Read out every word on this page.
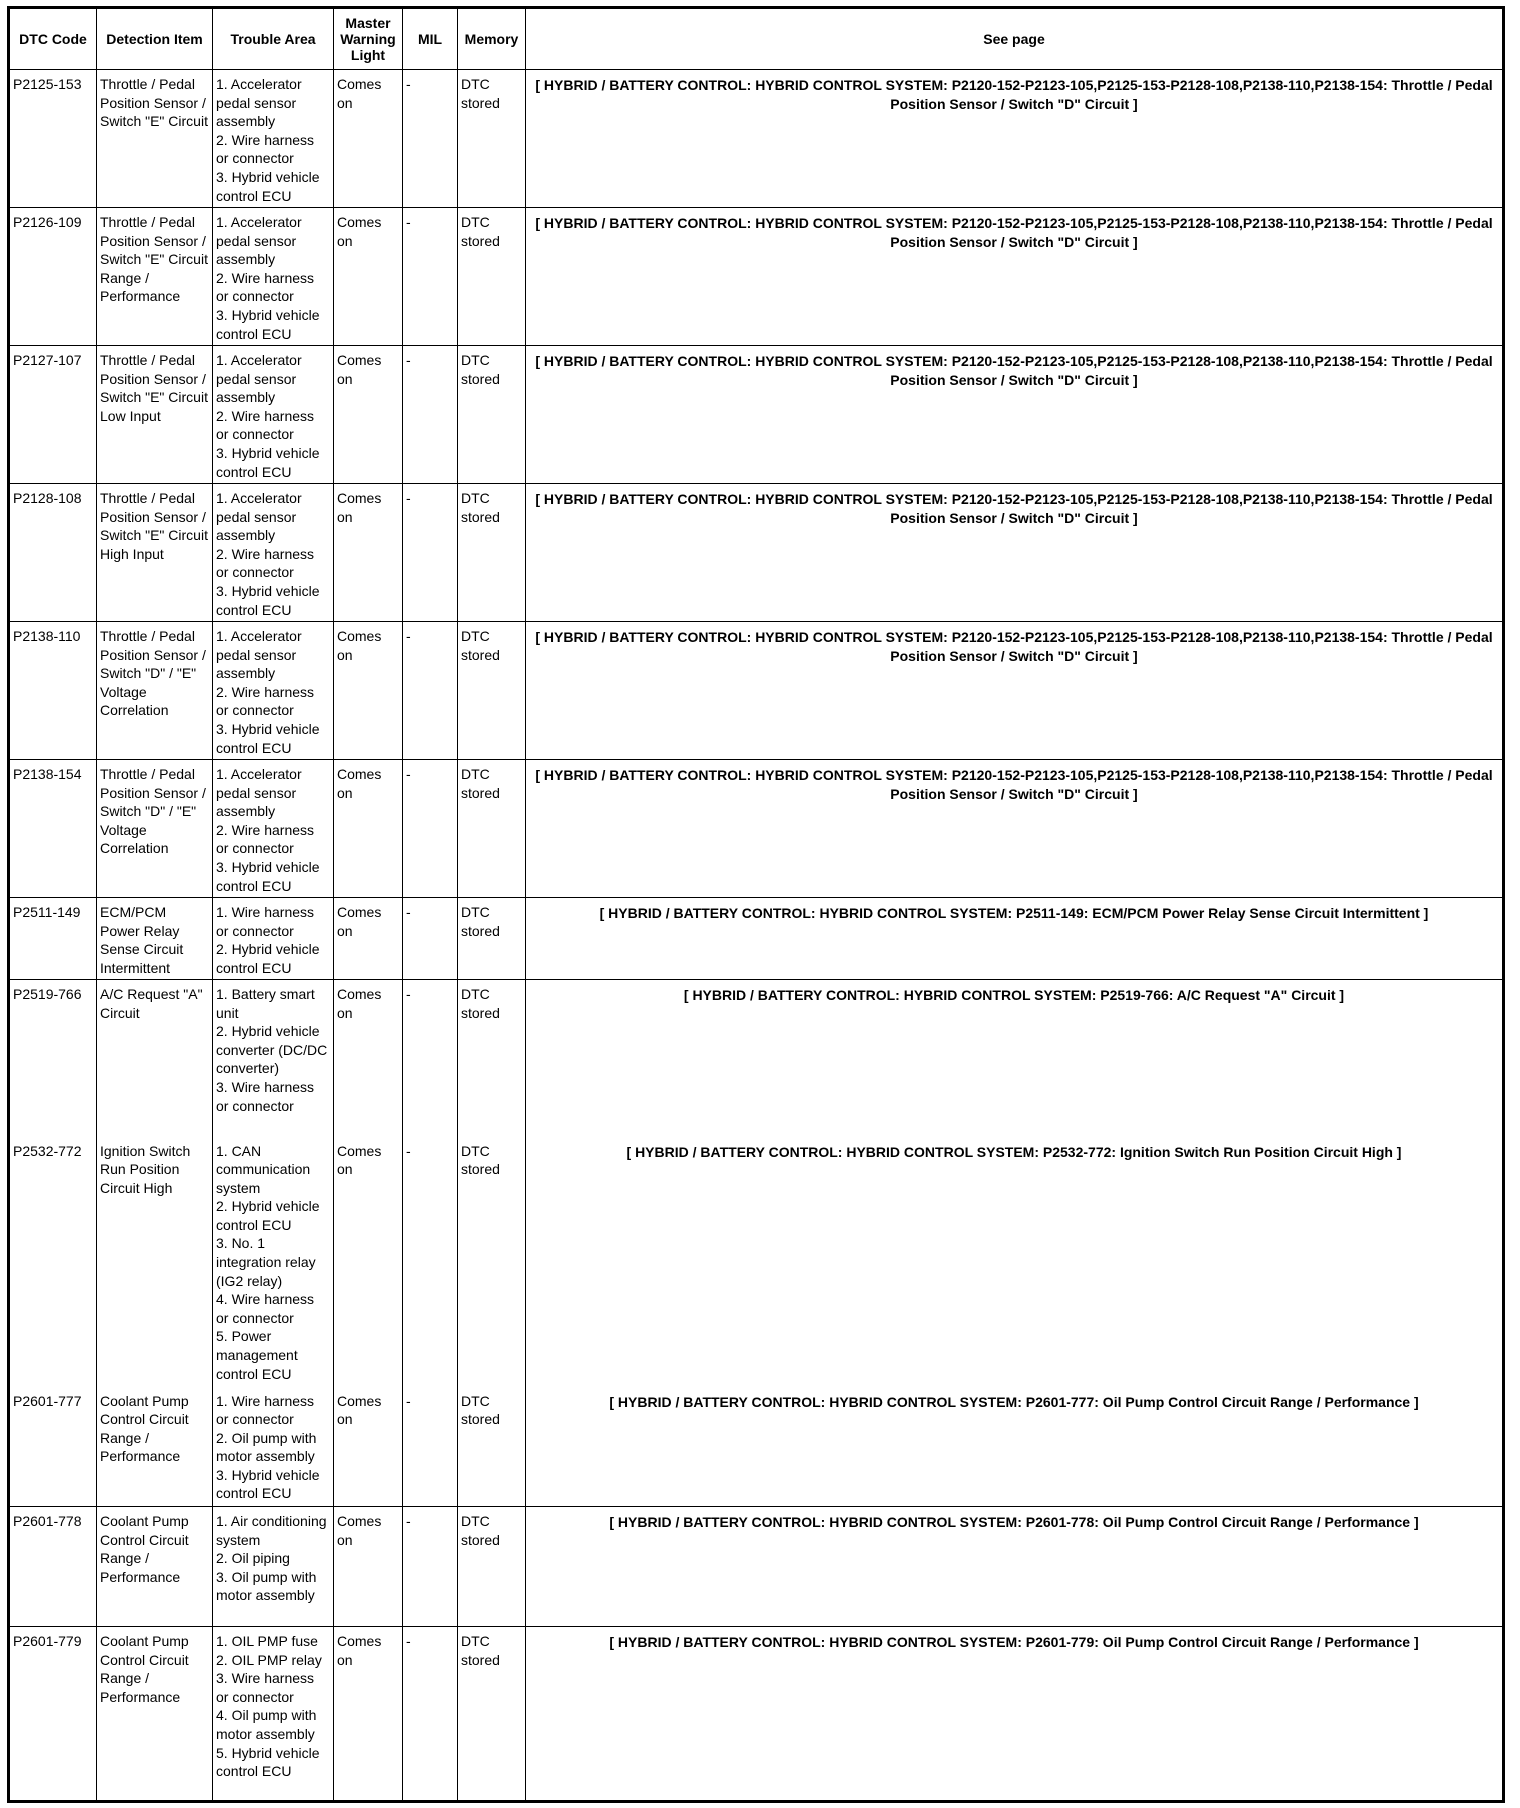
DTC Code	Detection Item	Trouble Area	Master Warning Light	MIL	Memory	See page
P2125-153	Throttle / Pedal Position Sensor / Switch "E" Circuit	1. Accelerator pedal sensor assembly
2. Wire harness or connector
3. Hybrid vehicle control ECU	Comes on	-	DTC stored	[ HYBRID / BATTERY CONTROL: HYBRID CONTROL SYSTEM: P2120-152-P2123-105,P2125-153-P2128-108,P2138-110,P2138-154: Throttle / Pedal Position Sensor / Switch "D" Circuit ]
P2126-109	Throttle / Pedal Position Sensor / Switch "E" Circuit Range / Performance	1. Accelerator pedal sensor assembly
2. Wire harness or connector
3. Hybrid vehicle control ECU	Comes on	-	DTC stored	[ HYBRID / BATTERY CONTROL: HYBRID CONTROL SYSTEM: P2120-152-P2123-105,P2125-153-P2128-108,P2138-110,P2138-154: Throttle / Pedal Position Sensor / Switch "D" Circuit ]
P2127-107	Throttle / Pedal Position Sensor / Switch "E" Circuit Low Input	1. Accelerator pedal sensor assembly
2. Wire harness or connector
3. Hybrid vehicle control ECU	Comes on	-	DTC stored	[ HYBRID / BATTERY CONTROL: HYBRID CONTROL SYSTEM: P2120-152-P2123-105,P2125-153-P2128-108,P2138-110,P2138-154: Throttle / Pedal Position Sensor / Switch "D" Circuit ]
P2128-108	Throttle / Pedal Position Sensor / Switch "E" Circuit High Input	1. Accelerator pedal sensor assembly
2. Wire harness or connector
3. Hybrid vehicle control ECU	Comes on	-	DTC stored	[ HYBRID / BATTERY CONTROL: HYBRID CONTROL SYSTEM: P2120-152-P2123-105,P2125-153-P2128-108,P2138-110,P2138-154: Throttle / Pedal Position Sensor / Switch "D" Circuit ]
P2138-110	Throttle / Pedal Position Sensor / Switch "D" / "E" Voltage Correlation	1. Accelerator pedal sensor assembly
2. Wire harness or connector
3. Hybrid vehicle control ECU	Comes on	-	DTC stored	[ HYBRID / BATTERY CONTROL: HYBRID CONTROL SYSTEM: P2120-152-P2123-105,P2125-153-P2128-108,P2138-110,P2138-154: Throttle / Pedal Position Sensor / Switch "D" Circuit ]
P2138-154	Throttle / Pedal Position Sensor / Switch "D" / "E" Voltage Correlation	1. Accelerator pedal sensor assembly
2. Wire harness or connector
3. Hybrid vehicle control ECU	Comes on	-	DTC stored	[ HYBRID / BATTERY CONTROL: HYBRID CONTROL SYSTEM: P2120-152-P2123-105,P2125-153-P2128-108,P2138-110,P2138-154: Throttle / Pedal Position Sensor / Switch "D" Circuit ]
P2511-149	ECM/PCM Power Relay Sense Circuit Intermittent	1. Wire harness or connector
2. Hybrid vehicle control ECU	Comes on	-	DTC stored	[ HYBRID / BATTERY CONTROL: HYBRID CONTROL SYSTEM: P2511-149: ECM/PCM Power Relay Sense Circuit Intermittent ]
P2519-766	A/C Request "A" Circuit	1. Battery smart unit
2. Hybrid vehicle converter (DC/DC converter)
3. Wire harness or connector	Comes on	-	DTC stored	[ HYBRID / BATTERY CONTROL: HYBRID CONTROL SYSTEM: P2519-766: A/C Request "A" Circuit ]
P2532-772	Ignition Switch Run Position Circuit High	1. CAN communication system
2. Hybrid vehicle control ECU
3. No. 1 integration relay (IG2 relay)
4. Wire harness or connector
5. Power management control ECU	Comes on	-	DTC stored	[ HYBRID / BATTERY CONTROL: HYBRID CONTROL SYSTEM: P2532-772: Ignition Switch Run Position Circuit High ]
P2601-777	Coolant Pump Control Circuit Range / Performance	1. Wire harness or connector
2. Oil pump with motor assembly
3. Hybrid vehicle control ECU	Comes on	-	DTC stored	[ HYBRID / BATTERY CONTROL: HYBRID CONTROL SYSTEM: P2601-777: Oil Pump Control Circuit Range / Performance ]
P2601-778	Coolant Pump Control Circuit Range / Performance	1. Air conditioning system
2. Oil piping
3. Oil pump with motor assembly	Comes on	-	DTC stored	[ HYBRID / BATTERY CONTROL: HYBRID CONTROL SYSTEM: P2601-778: Oil Pump Control Circuit Range / Performance ]
P2601-779	Coolant Pump Control Circuit Range / Performance	1. OIL PMP fuse
2. OIL PMP relay
3. Wire harness or connector
4. Oil pump with motor assembly
5. Hybrid vehicle control ECU	Comes on	-	DTC stored	[ HYBRID / BATTERY CONTROL: HYBRID CONTROL SYSTEM: P2601-779: Oil Pump Control Circuit Range / Performance ]
